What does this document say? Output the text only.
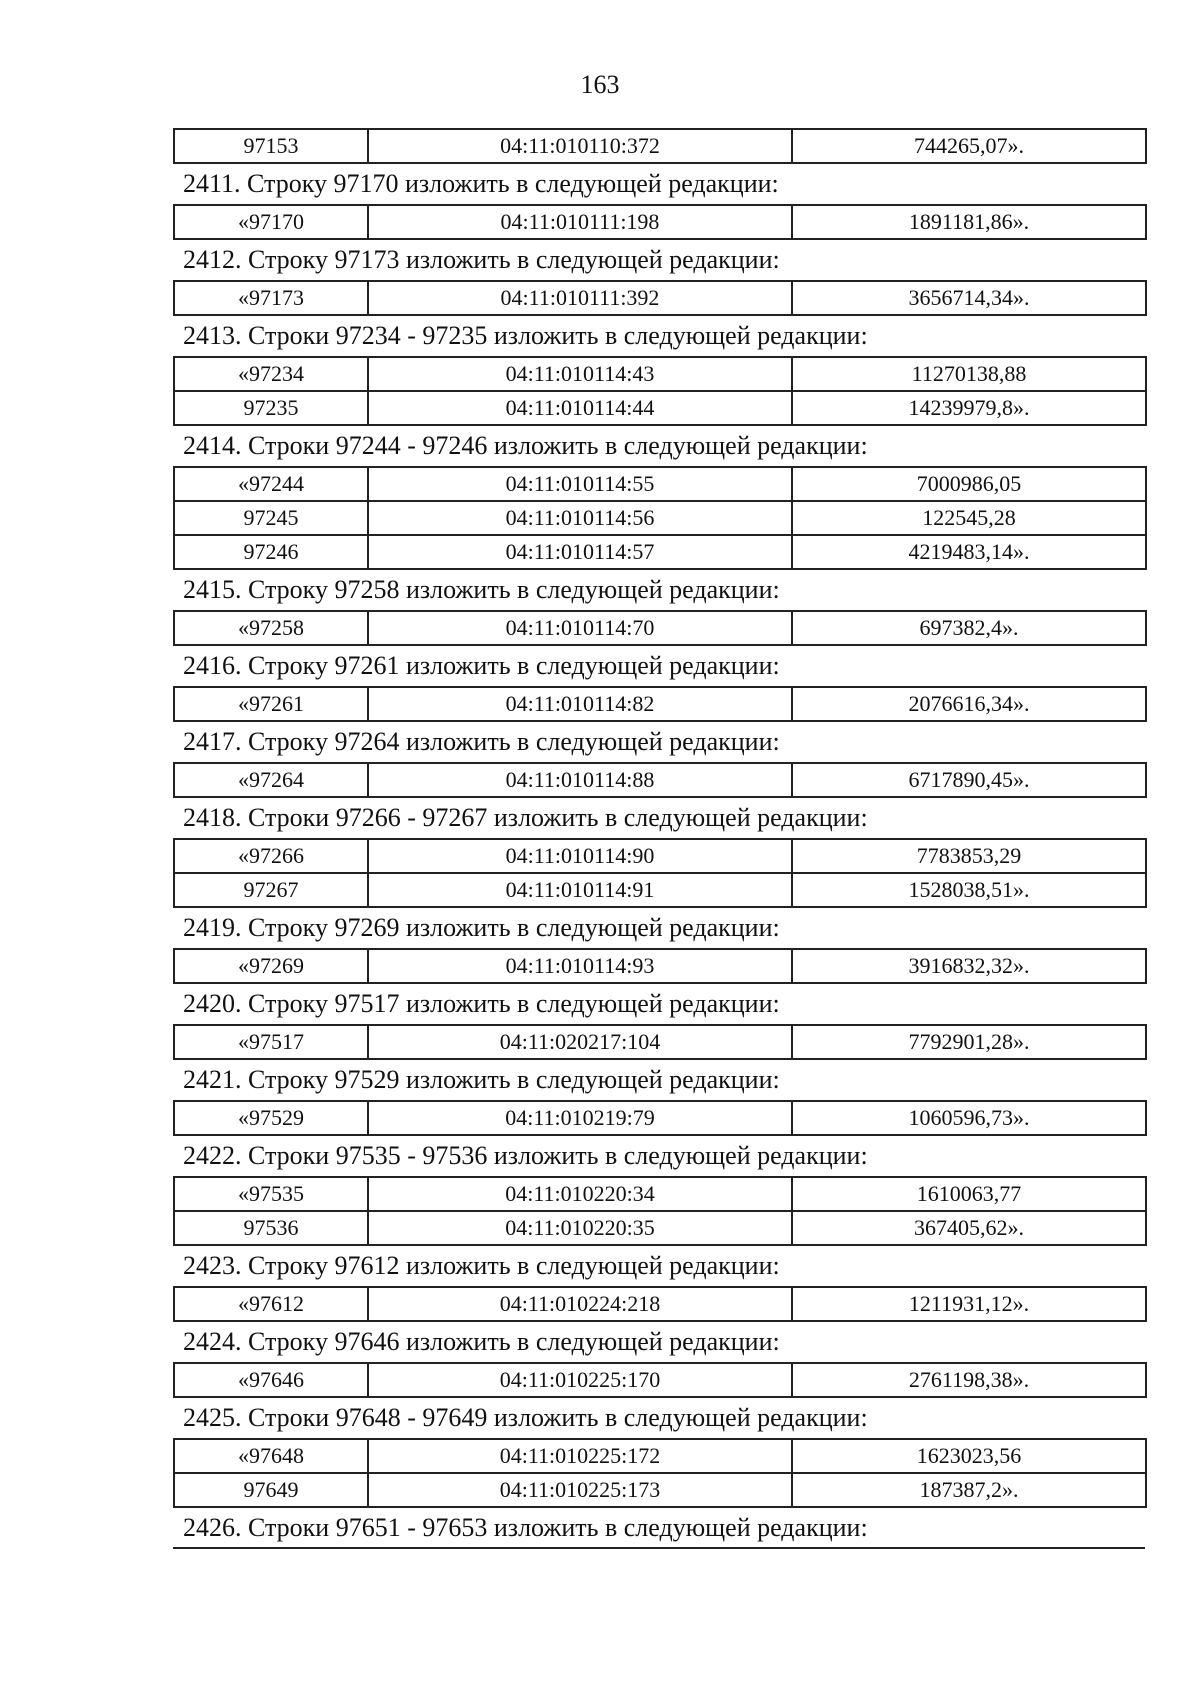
163
97153	04:11:010110:372	744265,07».
2411. Строку 97170 изложить в следующей редакции:
«97170	04:11:010111:198	1891181,86».
2412. Строку 97173 изложить в следующей редакции:
«97173	04:11:010111:392	3656714,34».
2413. Строки 97234 - 97235 изложить в следующей редакции:
«97234	04:11:010114:43	11270138,88
97235	04:11:010114:44	14239979,8».
2414. Строки 97244 - 97246 изложить в следующей редакции:
«97244	04:11:010114:55	7000986,05
97245	04:11:010114:56	122545,28
97246	04:11:010114:57	4219483,14».
2415. Строку 97258 изложить в следующей редакции:
«97258	04:11:010114:70	697382,4».
2416. Строку 97261 изложить в следующей редакции:
«97261	04:11:010114:82	2076616,34».
2417. Строку 97264 изложить в следующей редакции:
«97264	04:11:010114:88	6717890,45».
2418. Строки 97266 - 97267 изложить в следующей редакции:
«97266	04:11:010114:90	7783853,29
97267	04:11:010114:91	1528038,51».
2419. Строку 97269 изложить в следующей редакции:
«97269	04:11:010114:93	3916832,32».
2420. Строку 97517 изложить в следующей редакции:
«97517	04:11:020217:104	7792901,28».
2421. Строку 97529 изложить в следующей редакции:
«97529	04:11:010219:79	1060596,73».
2422. Строки 97535 - 97536 изложить в следующей редакции:
«97535	04:11:010220:34	1610063,77
97536	04:11:010220:35	367405,62».
2423. Строку 97612 изложить в следующей редакции:
«97612	04:11:010224:218	1211931,12».
2424. Строку 97646 изложить в следующей редакции:
«97646	04:11:010225:170	2761198,38».
2425. Строки 97648 - 97649 изложить в следующей редакции:
«97648	04:11:010225:172	1623023,56
97649	04:11:010225:173	187387,2».
2426. Строки 97651 - 97653 изложить в следующей редакции:
